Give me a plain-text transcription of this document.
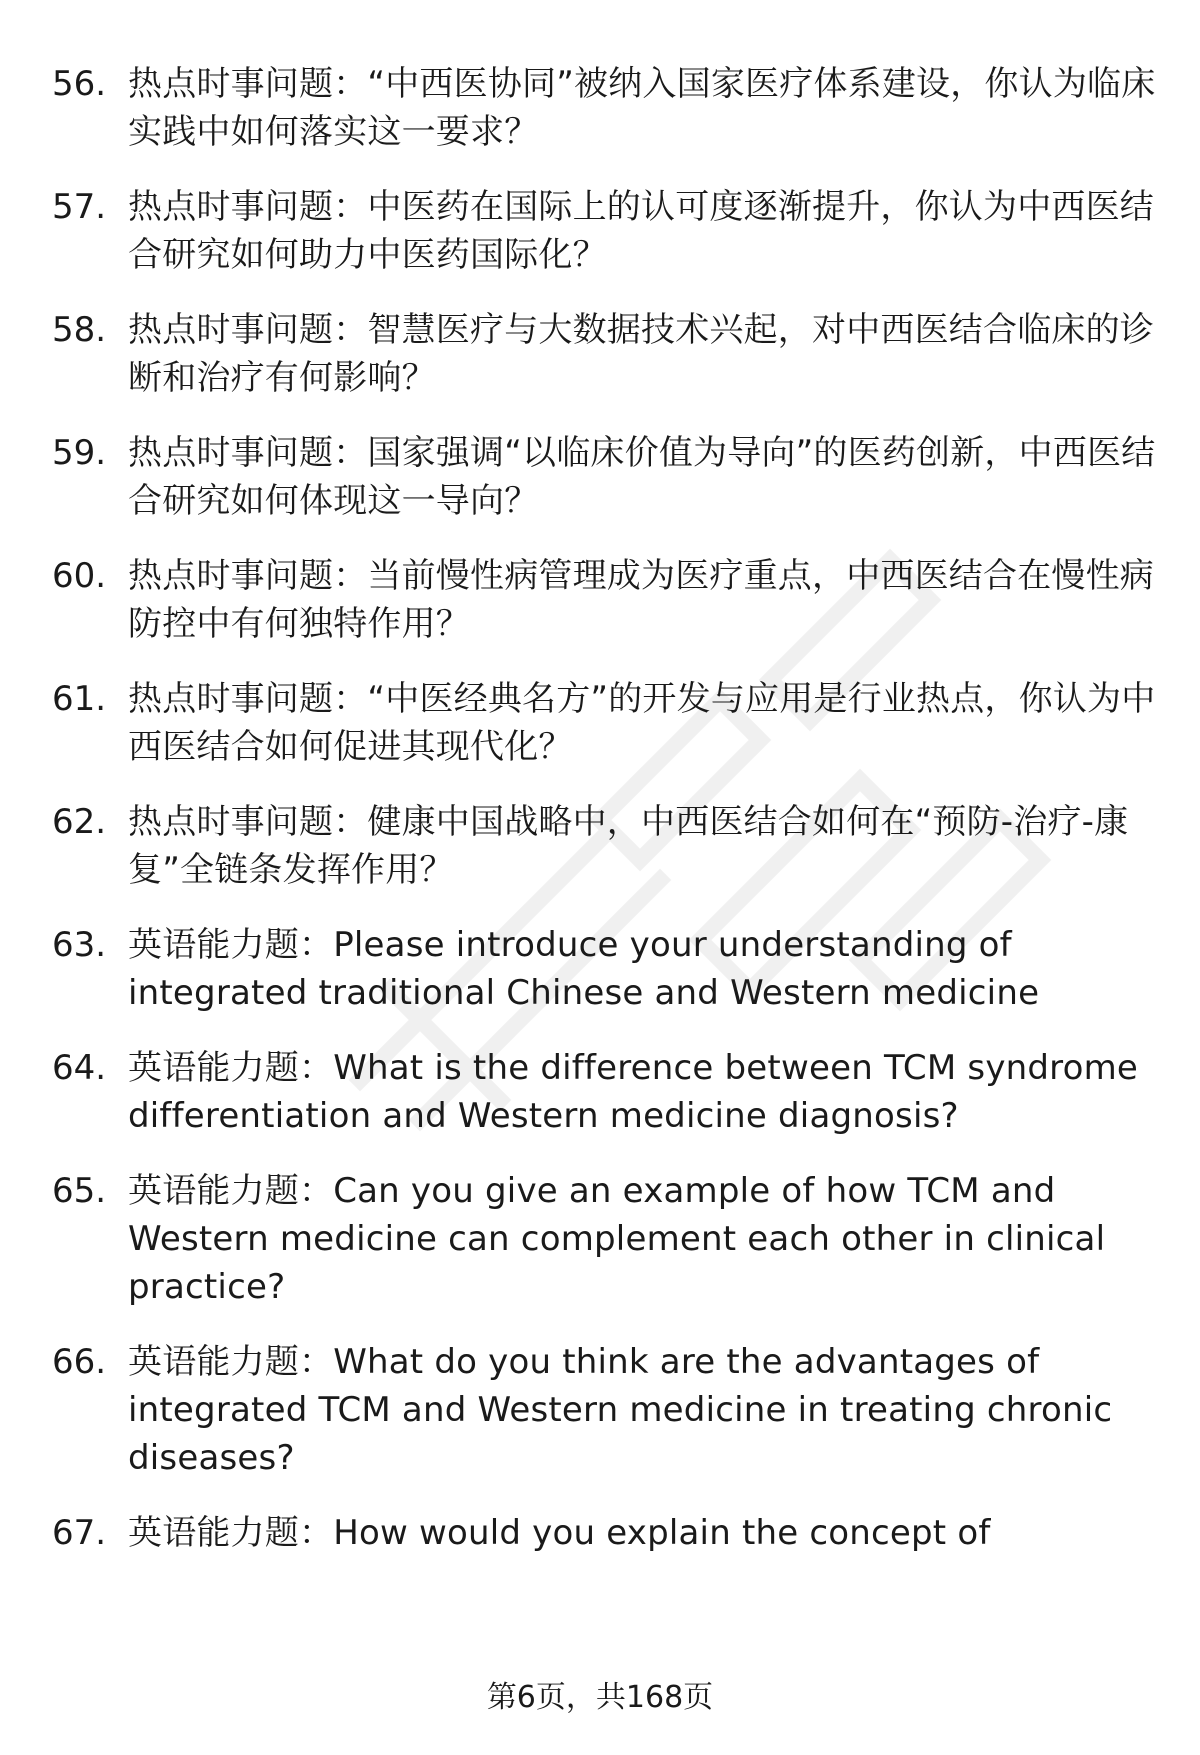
56. 热点时事问题：“中西医协同”被纳入国家医疗体系建设，你认为临床实践中如何落实这一要求？
57. 热点时事问题：中医药在国际上的认可度逐渐提升，你认为中西医结合研究如何助力中医药国际化？
58. 热点时事问题：智慧医疗与大数据技术兴起，对中西医结合临床的诊断和治疗有何影响？
59. 热点时事问题：国家强调“以临床价值为导向”的医药创新，中西医结合研究如何体现这一导向？
60. 热点时事问题：当前慢性病管理成为医疗重点，中西医结合在慢性病防控中有何独特作用？
61. 热点时事问题：“中医经典名方”的开发与应用是行业热点，你认为中西医结合如何促进其现代化？
62. 热点时事问题：健康中国战略中，中西医结合如何在“预防-治疗-康复”全链条发挥作用？
63. 英语能力题：Please introduce your understanding of integrated traditional Chinese and Western medicine
64. 英语能力题：What is the difference between TCM syndrome differentiation and Western medicine diagnosis?
65. 英语能力题：Can you give an example of how TCM and Western medicine can complement each other in clinical practice?
66. 英语能力题：What do you think are the advantages of integrated TCM and Western medicine in treating chronic diseases?
67. 英语能力题：How would you explain the concept of
第6页，共168页
